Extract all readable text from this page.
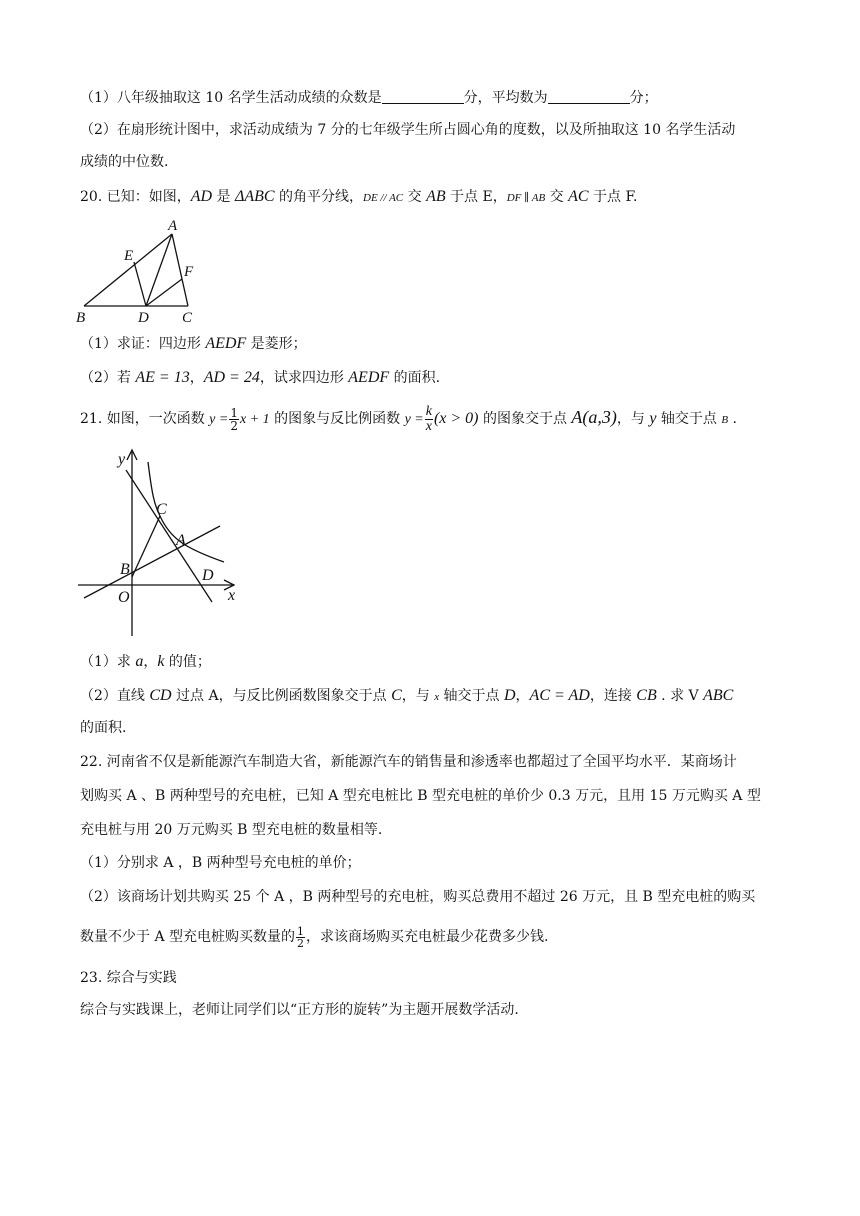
（1）八年级抽取这 10 名学生活动成绩的众数是	分，平均数为	分；
（2）在扇形统计图中，求活动成绩为 7 分的七年级学生所占圆心角的度数，以及所抽取这 10 名学生活动
成绩的中位数.
20. 已知：如图，AD 是 ΔABC 的角平分线，DE // AC 交 AB 于点 E，DF ∥ AB 交 AC 于点 F.
A
E
F
B	D C
（1）求证：四边形 AEDF 是菱形；
（2）若 AE = 13，AD = 24，试求四边形 AEDF 的面积.
21. 如图，一次函数 $y = \frac{1}{2}$ x + 1 的图象与反比例函数 $y = \frac{k}{x} (x > 0)$ 的图象交于点 A(a,3)，与 y 轴交于点 B .
y
x
O
B
C
A
D
（1）求 a，k 的值；
（2）直线 CD 过点 A，与反比例函数图象交于点 C，与 x 轴交于点 D，AC = AD，连接 CB . 求 V ABC
的面积.
22. 河南省不仅是新能源汽车制造大省，新能源汽车的销售量和渗透率也都超过了全国平均水平．某商场计
划购买 A 、B 两种型号的充电桩，已知 A 型充电桩比 B 型充电桩的单价少 0.3 万元，且用 15 万元购买 A 型
充电桩与用 20 万元购买 B 型充电桩的数量相等.
（1）分别求 A ，B 两种型号充电桩的单价；
（2）该商场计划共购买 25 个 A ，B 两种型号的充电桩，购买总费用不超过 26 万元，且 B 型充电桩的购买
数量不少于 A 型充电桩购买数量的 $\frac{1}{2}$ ，求该商场购买充电桩最少花费多少钱.
23. 综合与实践
综合与实践课上，老师让同学们以“正方形的旋转”为主题开展数学活动.
